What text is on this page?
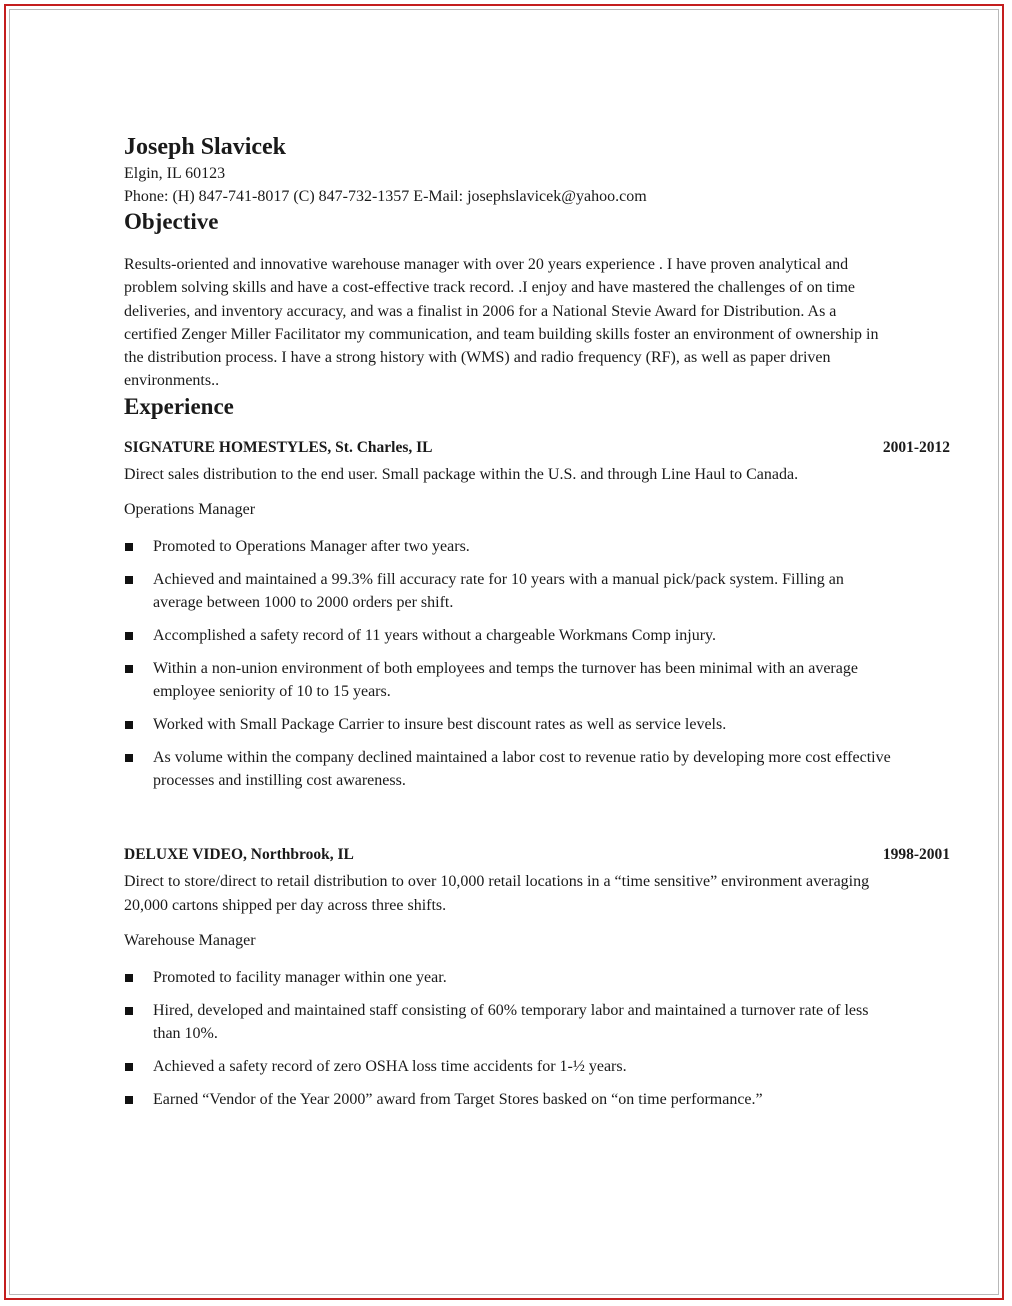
Joseph Slavicek
Elgin, IL 60123
Phone: (H) 847-741-8017 (C) 847-732-1357 E-Mail: josephslavicek@yahoo.com
Objective
Results-oriented and innovative warehouse manager with over 20 years experience . I have proven analytical and problem solving skills and have a cost-effective track record. .I enjoy and have mastered the challenges of on time deliveries, and inventory accuracy, and was a finalist in 2006 for a National Stevie Award for Distribution. As a certified Zenger Miller Facilitator my communication, and team building skills foster an environment of ownership in the distribution process. I have a strong history with (WMS) and radio frequency (RF), as well as paper driven environments..
Experience
SIGNATURE HOMESTYLES, St. Charles, IL	2001-2012
Direct sales distribution to the end user. Small package within the U.S. and through Line Haul to Canada.
Operations Manager
Promoted to Operations Manager after two years.
Achieved and maintained a 99.3% fill accuracy rate for 10 years with a manual pick/pack system. Filling an average between 1000 to 2000 orders per shift.
Accomplished a safety record of 11 years without a chargeable Workmans Comp injury.
Within a non-union environment of both employees and temps the turnover has been minimal with an average employee seniority of 10 to 15 years.
Worked with Small Package Carrier to insure best discount rates as well as service levels.
As volume within the company declined maintained a labor cost to revenue ratio by developing more cost effective processes and instilling cost awareness.
DELUXE VIDEO, Northbrook, IL	1998-2001
Direct to store/direct to retail distribution to over 10,000 retail locations in a “time sensitive” environment averaging 20,000 cartons shipped per day across three shifts.
Warehouse Manager
Promoted to facility manager within one year.
Hired, developed and maintained staff consisting of 60% temporary labor and maintained a turnover rate of less than 10%.
Achieved a safety record of zero OSHA loss time accidents for 1-½ years.
Earned “Vendor of the Year 2000” award from Target Stores basked on “on time performance.”
